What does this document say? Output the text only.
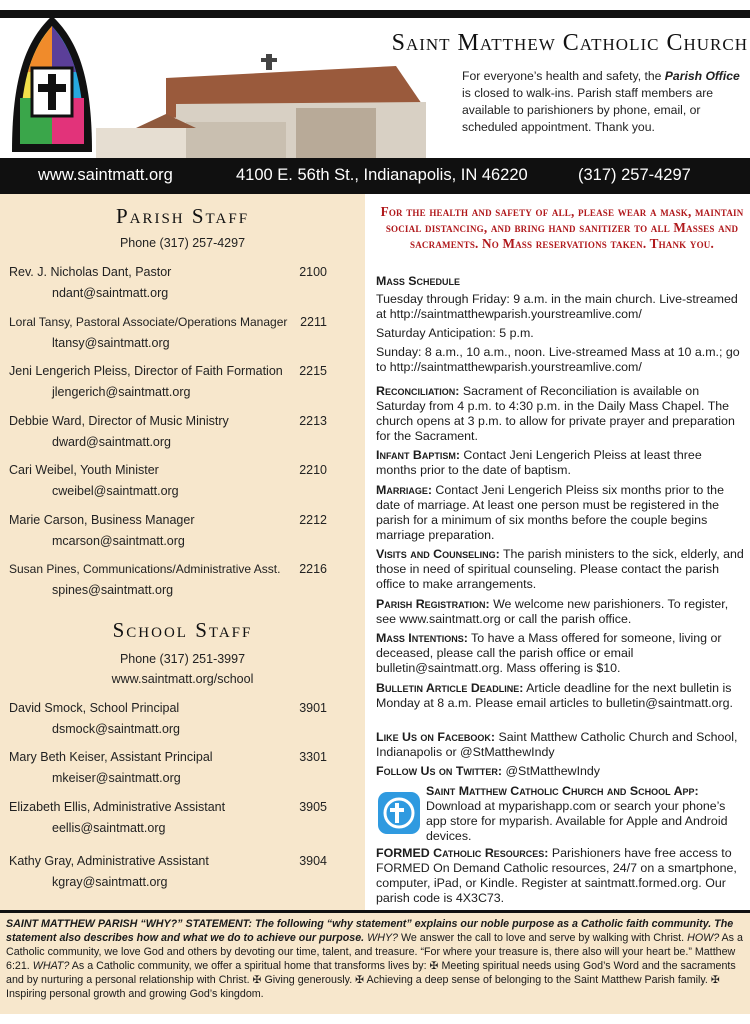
Saint Matthew Catholic Church
For everyone’s health and safety, the Parish Office is closed to walk-ins. Parish staff members are available to parishioners by phone, email, or scheduled appointment. Thank you.
www.saintmatt.org	4100 E. 56th St., Indianapolis, IN 46220	(317) 257-4297
Parish Staff
Phone (317) 257-4297
Rev. J. Nicholas Dant, Pastor	2100
ndant@saintmatt.org
Loral Tansy, Pastoral Associate/Operations Manager 2211
ltansy@saintmatt.org
Jeni Lengerich Pleiss, Director of Faith Formation 2215
jlengerich@saintmatt.org
Debbie Ward, Director of Music Ministry	2213
dward@saintmatt.org
Cari Weibel, Youth Minister	2210
cweibel@saintmatt.org
Marie Carson, Business Manager	2212
mcarson@saintmatt.org
Susan Pines, Communications/Administrative Asst. 2216
spines@saintmatt.org
School Staff
Phone (317) 251-3997
www.saintmatt.org/school
David Smock, School Principal	3901
dsmock@saintmatt.org
Mary Beth Keiser, Assistant Principal	3301
mkeiser@saintmatt.org
Elizabeth Ellis, Administrative Assistant	3905
eellis@saintmatt.org
Kathy Gray, Administrative Assistant	3904
kgray@saintmatt.org
For the health and safety of all, please wear a mask, maintain social distancing, and bring hand sanitizer to all Masses and sacraments. No Mass reservations taken. Thank you.
Mass Schedule
Tuesday through Friday: 9 a.m. in the main church. Live-streamed at http://saintmatthewparish.yourstreamlive.com/
Saturday Anticipation: 5 p.m.
Sunday: 8 a.m., 10 a.m., noon. Live-streamed Mass at 10 a.m.; go to http://saintmatthewparish.yourstreamlive.com/
Reconciliation: Sacrament of Reconciliation is available on Saturday from 4 p.m. to 4:30 p.m. in the Daily Mass Chapel. The church opens at 3 p.m. to allow for private prayer and preparation for the Sacrament.
Infant Baptism: Contact Jeni Lengerich Pleiss at least three months prior to the date of baptism.
Marriage: Contact Jeni Lengerich Pleiss six months prior to the date of marriage. At least one person must be registered in the parish for a minimum of six months before the couple begins marriage preparation.
Visits and Counseling: The parish ministers to the sick, elderly, and those in need of spiritual counseling. Please contact the parish office to make arrangements.
Parish Registration: We welcome new parishioners. To register, see www.saintmatt.org or call the parish office.
Mass Intentions: To have a Mass offered for someone, living or deceased, please call the parish office or email bulletin@saintmatt.org. Mass offering is $10.
Bulletin Article Deadline: Article deadline for the next bulletin is Monday at 8 a.m. Please email articles to bulletin@saintmatt.org.
Like Us on Facebook: Saint Matthew Catholic Church and School, Indianapolis or @StMatthewIndy
Follow Us on Twitter: @StMatthewIndy
Saint Matthew Catholic Church and School App: Download at myparishapp.com or search your phone’s app store for myparish. Available for Apple and Android devices.
FORMED Catholic Resources: Parishioners have free access to FORMED On Demand Catholic resources, 24/7 on a smartphone, computer, iPad, or Kindle. Register at saintmatt.formed.org. Our parish code is 4X3C73.
SAINT MATTHEW PARISH “WHY?” STATEMENT: The following “why statement” explains our noble purpose as a Catholic faith community. The statement also describes how and what we do to achieve our purpose. WHY? We answer the call to love and serve by walking with Christ. HOW? As a Catholic community, we love God and others by devoting our time, talent, and treasure. “For where your treasure is, there also will your heart be.” Matthew 6:21. WHAT? As a Catholic community, we offer a spiritual home that transforms lives by: ✠ Meeting spiritual needs using God’s Word and the sacraments and by nurturing a personal relationship with Christ. ✠ Giving generously. ✠ Achieving a deep sense of belonging to the Saint Matthew Parish family. ✠ Inspiring personal growth and growing God’s kingdom.
